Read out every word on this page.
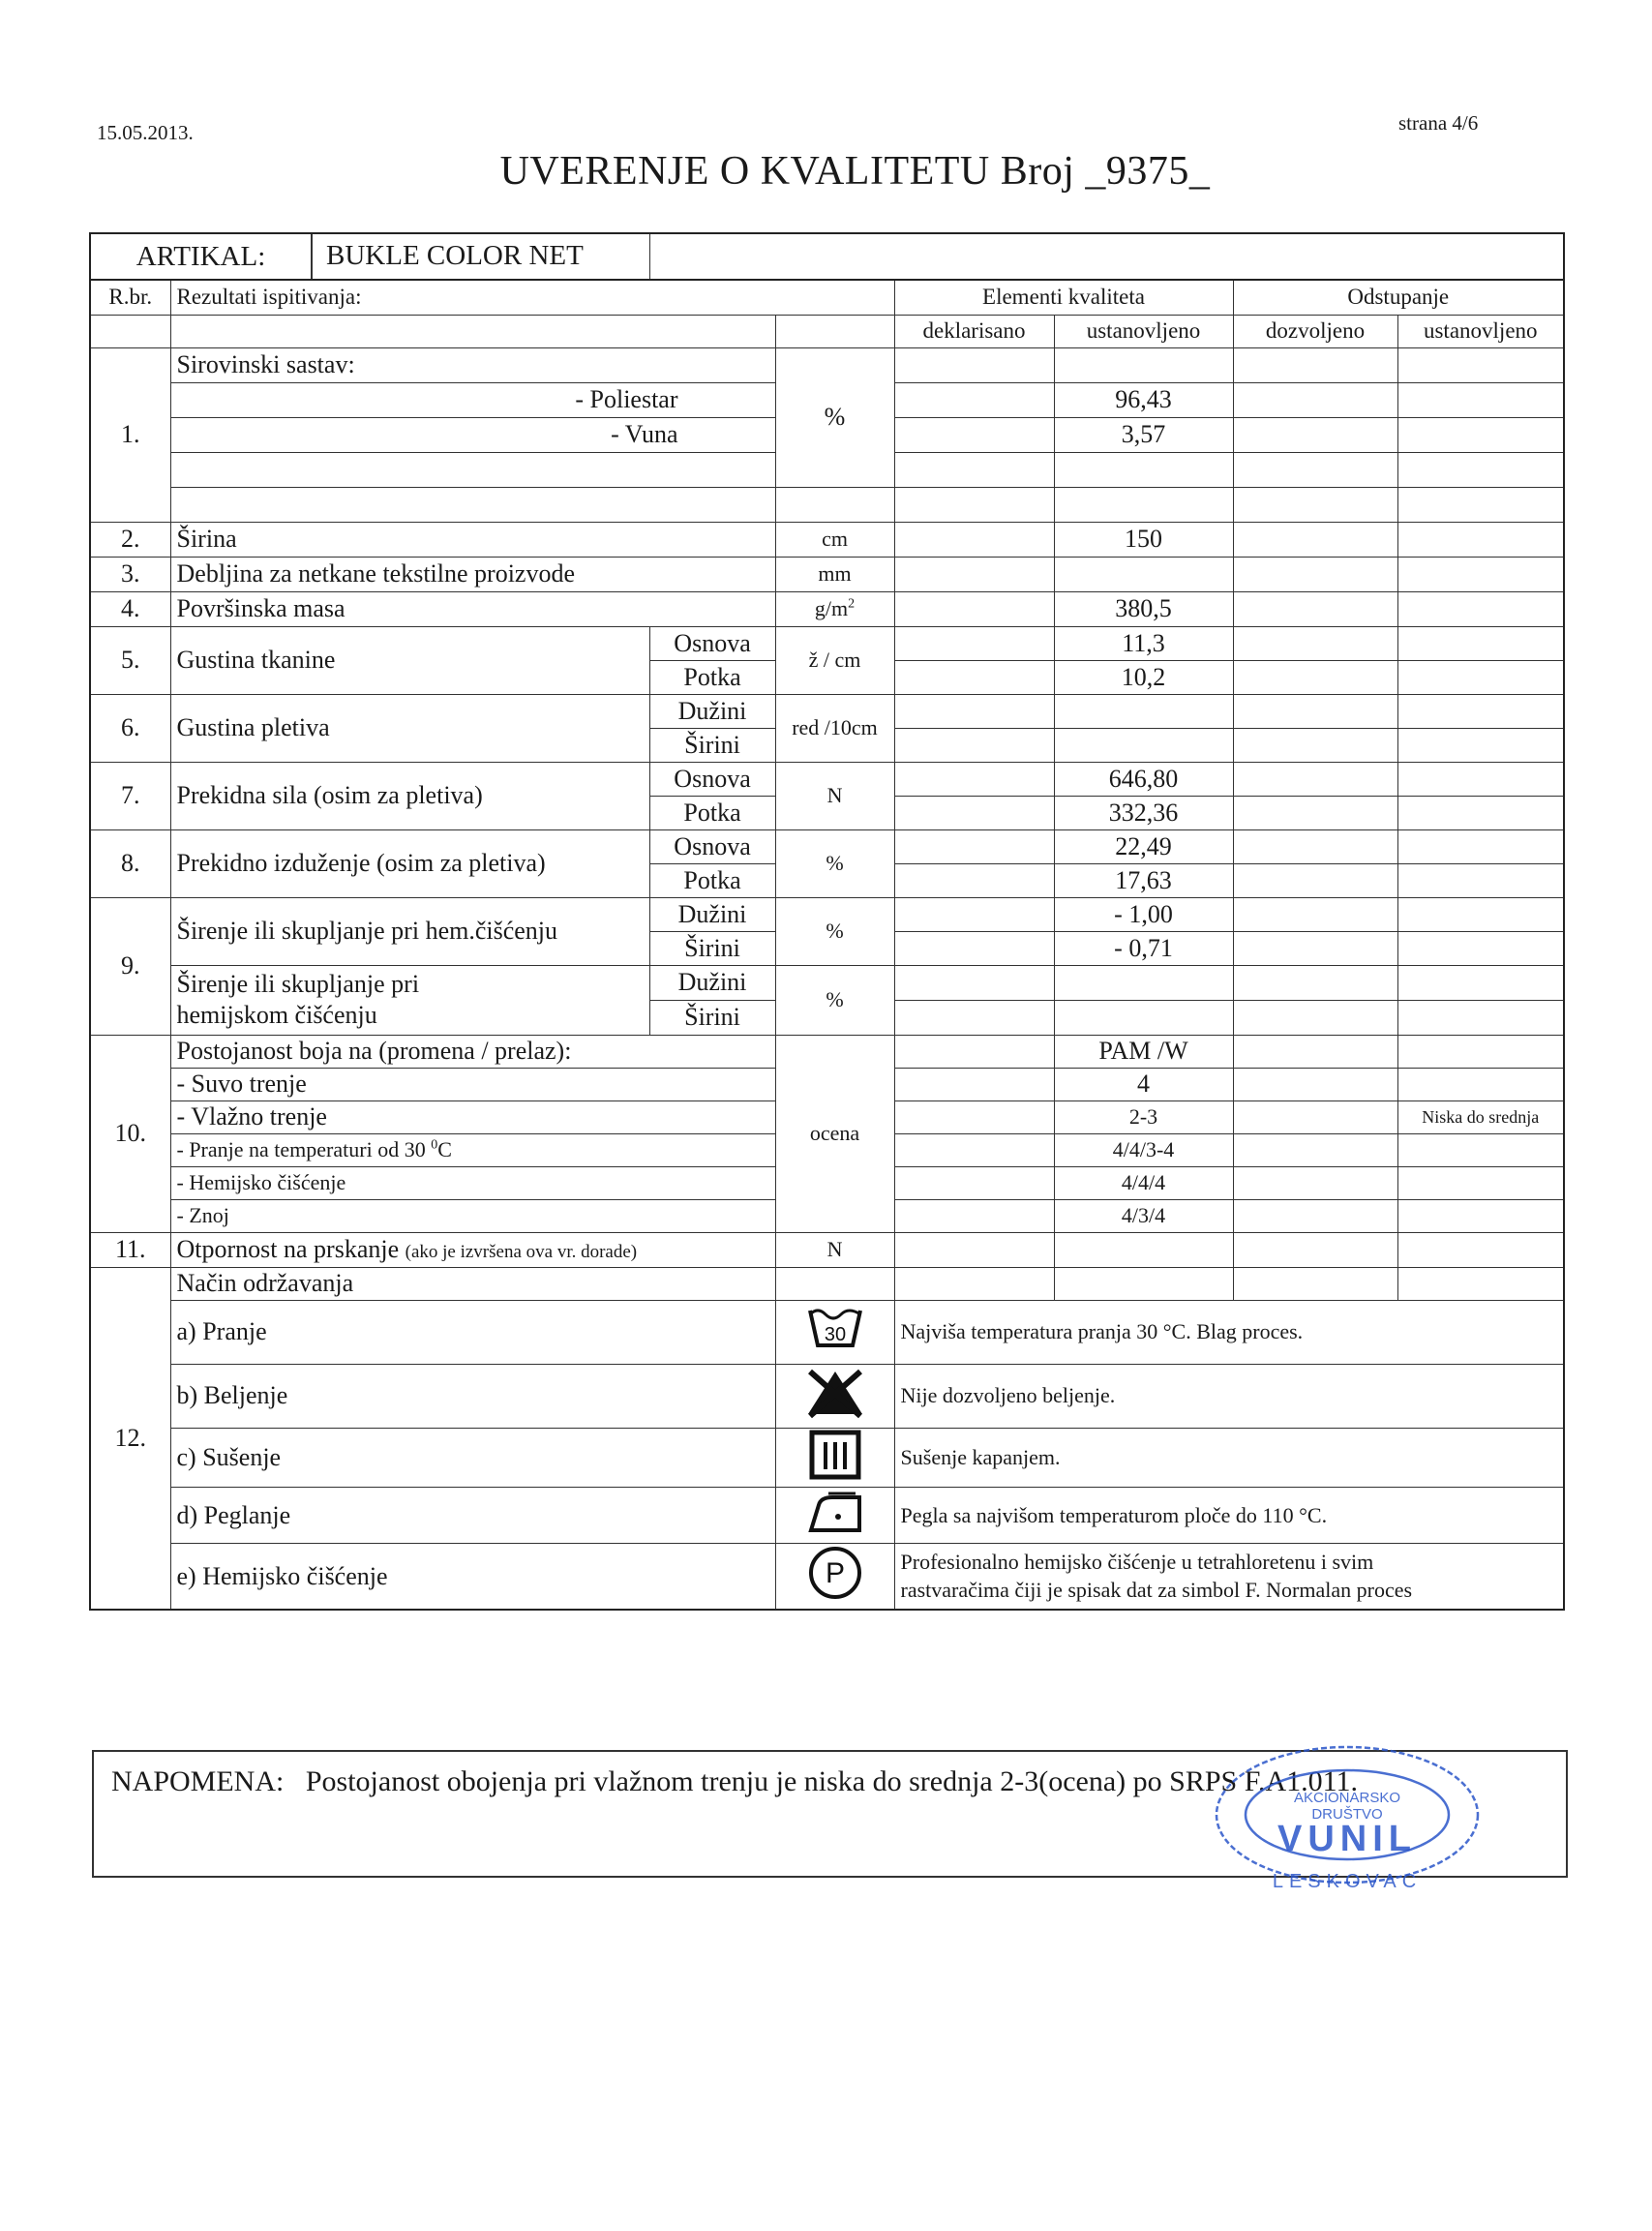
15.05.2013.	strana 4/6
UVERENJE O KVALITETU Broj _9375_
ARTIKAL: BUKLE COLOR NET							

R.br.	Rezultati ispitivanja:			Elementi kvaliteta		Odstupanje	
				deklarisano	ustanovljeno	dozvoljeno	ustanovljeno
1.	Sirovinski sastav:		%				
	- Poliestar				96,43		
	- Vuna				3,57		

2.	Širina		cm		150		
3.	Debljina za netkane tekstilne proizvode		mm				
4.	Površinska masa		$g/m^2$		380,5		
5.	Gustina tkanine	Osnova	ž / cm		11,3		
		Potka			10,2		
6.	Gustina pletiva	Dužini	red /10cm				
		Širini					
7.	Prekidna sila (osim za pletiva)	Osnova	N		646,80		
		Potka			332,36		
8.	Prekidno izduženje (osim za pletiva)	Osnova	%		22,49		
		Potka			17,63		
9.	Širenje ili skupljanje pri hem.čišćenju	Dužini	%		- 1,00		
		Širini			- 0,71		
	Širenje ili skupljanje pri
hemijskom čišćenju	Dužini	%				
		Širini					
10.	Postojanost boja na (promena / prelaz):		ocena		PAM /W		
	- Suvo trenje				4		
	- Vlažno trenje				2-3		Niska do srednja
	- Pranje na temperaturi od 30 $^0$C				4/4/3-4		
	- Hemijsko čišćenje				4/4/4		
	- Znoj				4/3/4		
11.	Otpornost na prskanje (ako je izvršena ova vr. dorade)		N				
12.	Način održavanja						
	a) Pranje		30	Najviša temperatura pranja 30 °C. Blag proces.			
	b) Beljenje			Nije dozvoljeno beljenje.			
	c) Sušenje			Sušenje kapanjem.			
	d) Peglanje			Pegla sa najvišom temperaturom ploče do 110 °C.			
	e) Hemijsko čišćenje		P	Profesionalno hemijsko čišćenje u tetrahloretenu i svim
rastvaračima čiji je spisak dat za simbol F. Normalan proces			
NAPOMENA: Postojanost obojenja pri vlažnom trenju je niska do srednja 2-3(ocena) po SRPS F.A1.011.
AKCIONARSKO
DRUŠTVO
VUNIL
LESKOVAC
